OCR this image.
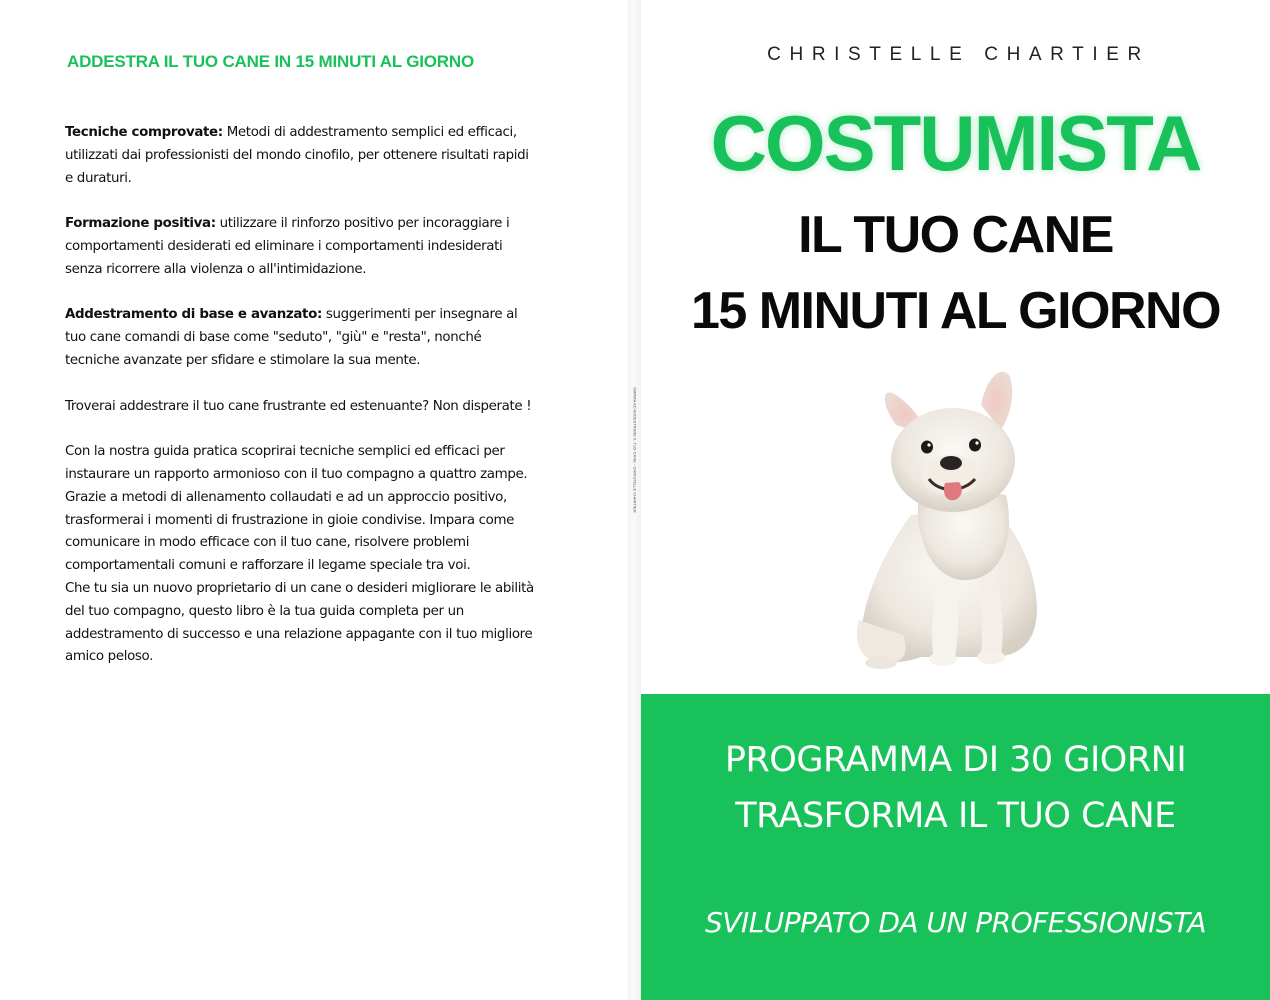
ADDESTRA IL TUO CANE IN 15 MINUTI AL GIORNO

Tecniche comprovate: Metodi di addestramento semplici ed efficaci, utilizzati dai professionisti del mondo cinofilo, per ottenere risultati rapidi e duraturi.

Formazione positiva: utilizzare il rinforzo positivo per incoraggiare i comportamenti desiderati ed eliminare i comportamenti indesiderati senza ricorrere alla violenza o all'intimidazione.

Addestramento di base e avanzato: suggerimenti per insegnare al tuo cane comandi di base come "seduto", "giù" e "resta", nonché tecniche avanzate per sfidare e stimolare la sua mente.

Troverai addestrare il tuo cane frustrante ed estenuante? Non disperate !

Con la nostra guida pratica scoprirai tecniche semplici ed efficaci per instaurare un rapporto armonioso con il tuo compagno a quattro zampe. Grazie a metodi di allenamento collaudati e ad un approccio positivo, trasformerai i momenti di frustrazione in gioie condivise. Impara come comunicare in modo efficace con il tuo cane, risolvere problemi comportamentali comuni e rafforzare il legame speciale tra voi.

Che tu sia un nuovo proprietario di un cane o desideri migliorare le abilità del tuo compagno, questo libro è la tua guida completa per un addestramento di successo e una relazione appagante con il tuo migliore amico peloso.

IMPARA AD ADDESTRARE IL TUO CANE - CHRISTELLE CHARTIER
CHRISTELLE CHARTIER
COSTUMISTA
IL TUO CANE
15 MINUTI AL GIORNO
PROGRAMMA DI 30 GIORNI
TRASFORMA IL TUO CANE
SVILUPPATO DA UN PROFESSIONISTA
